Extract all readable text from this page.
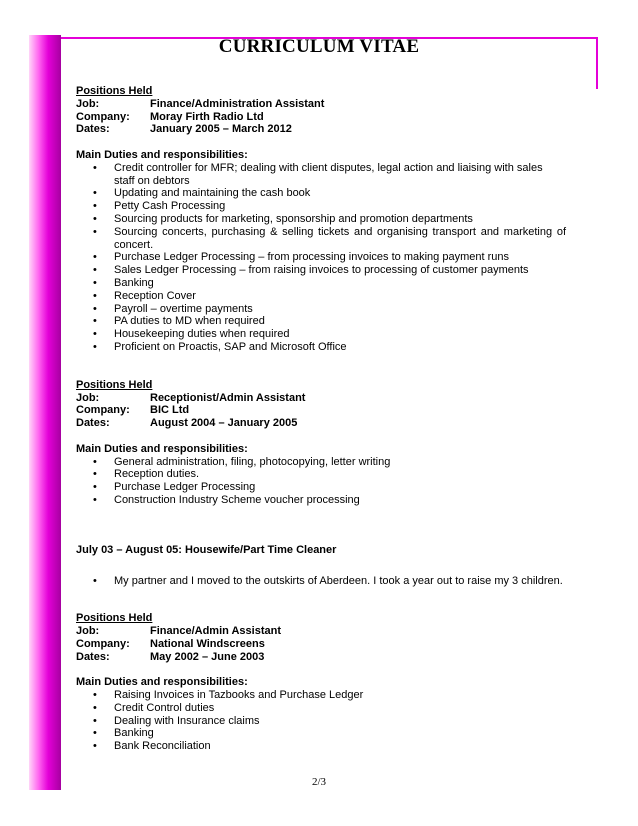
CURRICULUM VITAE
Positions Held
Job:	Finance/Administration Assistant
Company:	Moray Firth Radio Ltd
Dates:	January 2005 – March 2012
Main Duties and responsibilities:
• Credit controller for MFR; dealing with client disputes, legal action and liaising with sales staff on debtors
• Updating and maintaining the cash book
• Petty Cash Processing
• Sourcing products for marketing, sponsorship and promotion departments
• Sourcing concerts, purchasing & selling tickets and organising transport and marketing of concert.
• Purchase Ledger Processing – from processing invoices to making payment runs
• Sales Ledger Processing – from raising invoices to processing of customer payments
• Banking
• Reception Cover
• Payroll – overtime payments
• PA duties to MD when required
• Housekeeping duties when required
• Proficient on Proactis, SAP and Microsoft Office
Positions Held
Job:	Receptionist/Admin Assistant
Company:	BIC Ltd
Dates:	August 2004 – January 2005
Main Duties and responsibilities:
• General administration, filing, photocopying, letter writing
• Reception duties.
• Purchase Ledger Processing
• Construction Industry Scheme voucher processing
July 03 – August 05: Housewife/Part Time Cleaner
• My partner and I moved to the outskirts of Aberdeen. I took a year out to raise my 3 children.
Positions Held
Job:	Finance/Admin Assistant
Company:	National Windscreens
Dates:	May 2002 – June 2003
Main Duties and responsibilities:
• Raising Invoices in Tazbooks and Purchase Ledger
• Credit Control duties
• Dealing with Insurance claims
• Banking
• Bank Reconciliation
2/3
